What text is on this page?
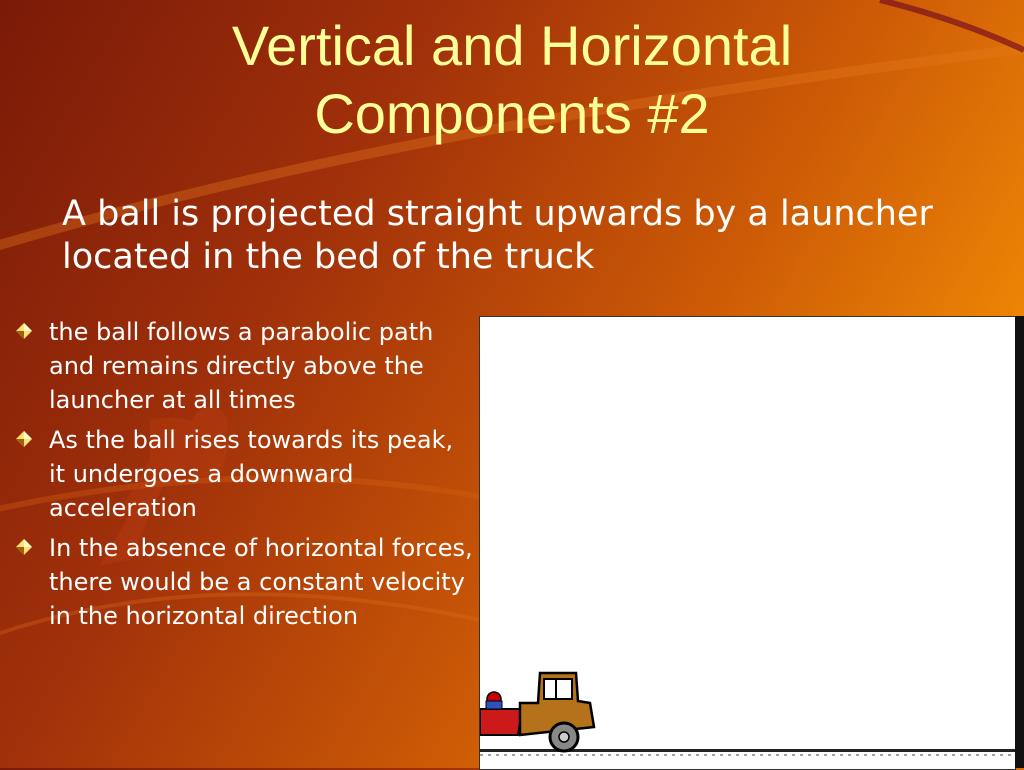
Vertical and Horizontal
Components #2
A ball is projected straight upwards by a launcher located in the bed of the truck
the ball follows a parabolic path and remains directly above the launcher at all times
As the ball rises towards its peak, it undergoes a downward acceleration
In the absence of horizontal forces, there would be a constant velocity in the horizontal direction
